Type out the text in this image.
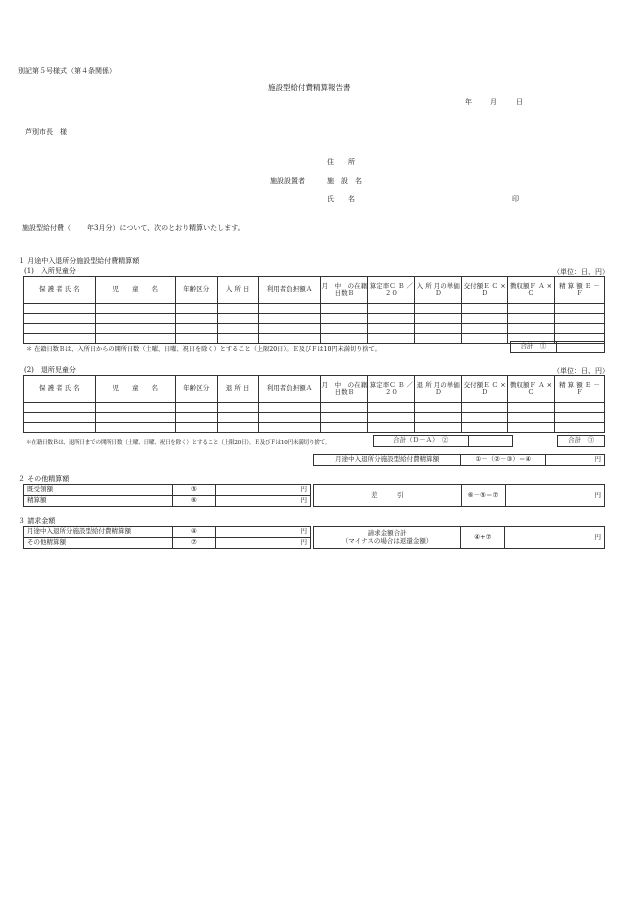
別記第５号様式（第４条関係）
施設型給付費精算報告書
年	月	日
芦別市長　様
住　　所
施設設置者	施　設　名
氏　　名	印
施設型給付費（ 年3月分）について、次のとおり精算いたします。
１ 月途中入退所分施設型給付費精算額
(1)　入所児童分	（単位：日、円）
保 護 者 氏 名	児　　童　　名	年齢区分	入 所 日	利用者負担額Ａ	月　中　の在籍日数Ｂ	算定率Ｃ Ｂ ／ ２０	入 所 月の単価Ｄ	交付額Ｅ Ｃ × Ｄ	徴収額Ｆ Ａ × Ｃ	精 算 額 Ｅ － Ｆ

＊ 在籍日数Ｂは、入所日からの開所日数（土曜、日曜、祝日を除く）とすること（上限20日）。Ｅ及びＦは10円未満切り捨て。	合計　①	
(2)　退所児童分	（単位：日、円）
保 護 者 氏 名	児　　童　　名	年齢区分	退 所 日	利用者負担額Ａ	月　中　の在籍日数Ｂ	算定率Ｃ Ｂ ／ ２０	退 所 月の単価Ｄ	交付額Ｅ Ｃ × Ｄ	徴収額Ｆ Ａ × Ｃ	精 算 額 Ｅ － Ｆ

＊在籍日数Ｂは、退所日までの開所日数（土曜、日曜、祝日を除く）とすること（上限20日）。Ｅ及びＦは10円未満切り捨て。	合計（Ｄ－Ａ）　②			合計　③
月途中入退所分施設型給付費精算額	①－（②－③）＝④	円
２ その他精算額
既受領額	⑤	円
精算額	⑥	円
差　　　引	⑥－⑤＝⑦	円
３ 請求金額
月途中入退所分施設型給付費精算額	④	円
その他精算額	⑦	円
請求金額合計
（マイナスの場合は返還金額）	④+⑦	円
